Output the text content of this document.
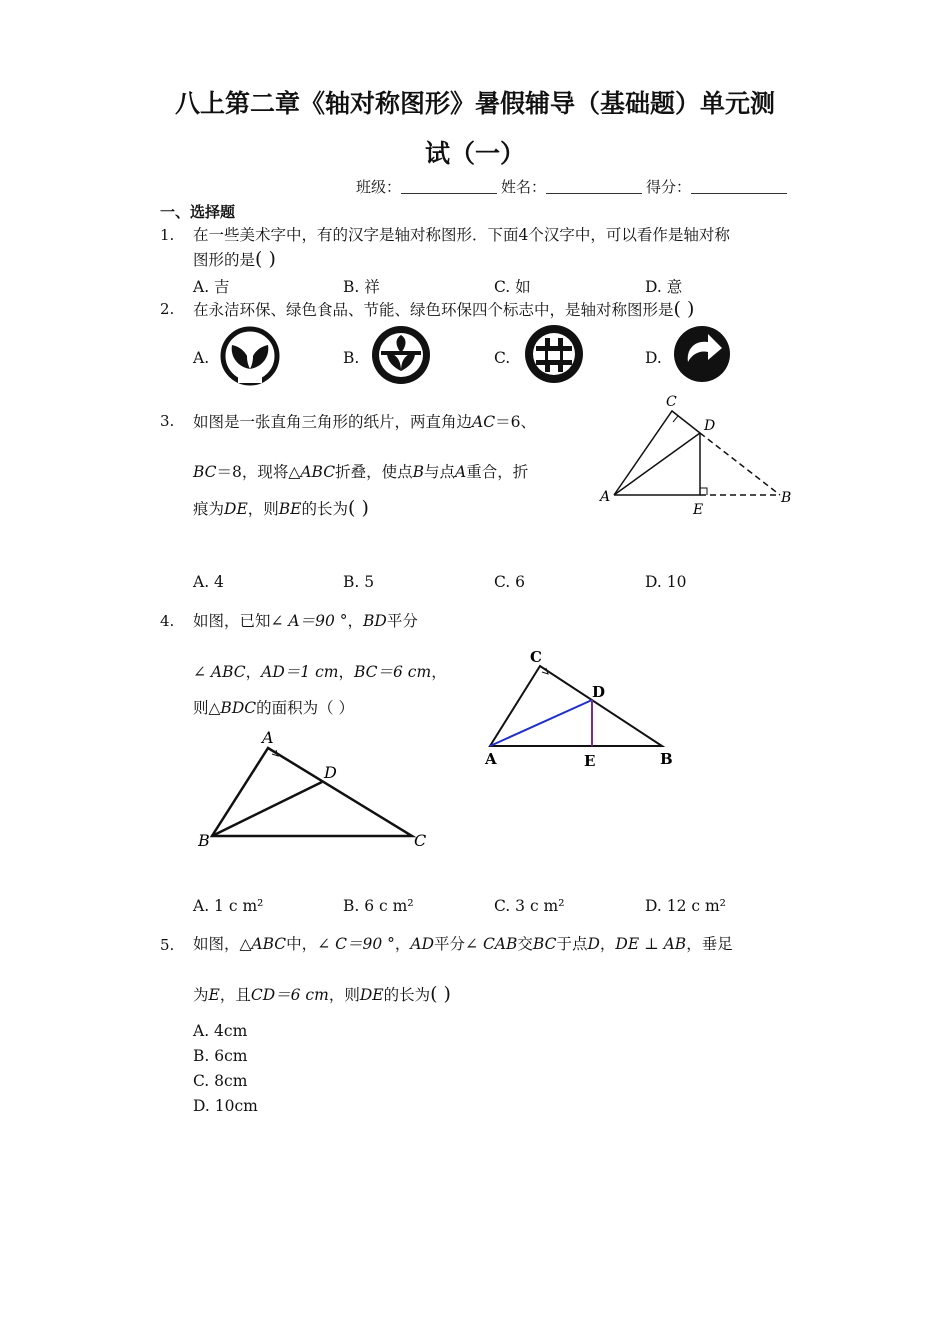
八上第二章《轴对称图形》暑假辅导（基础题）单元测
试（一）
班级：	姓名：	得分：
一、选择题
1. 在一些美术字中，有的汉字是轴对称图形．下面4个汉字中，可以看作是轴对称
图形的是( )
A. 吉	B. 祥	C. 如	D. 意
2. 在永洁环保、绿色食品、节能、绿色环保四个标志中，是轴对称图形是( )
A.	B.	C.	D.
3. 如图是一张直角三角形的纸片，两直角边AC＝6、
BC＝8，现将△ABC折叠，使点B与点A重合，折
痕为DE，则BE的长为( )
C
D
A
E
B
A. 4	B. 5	C. 6	D. 10
4. 如图，已知∠ A＝90 °，BD平分
∠ ABC，AD＝1 cm，BC＝6 cm，
则△BDC的面积为（ ）
A
D
B	C
C
D
A	E	B
A. 1 c m²	B. 6 c m²	C. 3 c m²	D. 12 c m²
5. 如图，△ABC中，∠ C＝90 °，AD平分∠ CAB交BC于点D，DE ⊥ AB，垂足
为E，且CD＝6 cm，则DE的长为( )
A. 4cm
B. 6cm
C. 8cm
D. 10cm
